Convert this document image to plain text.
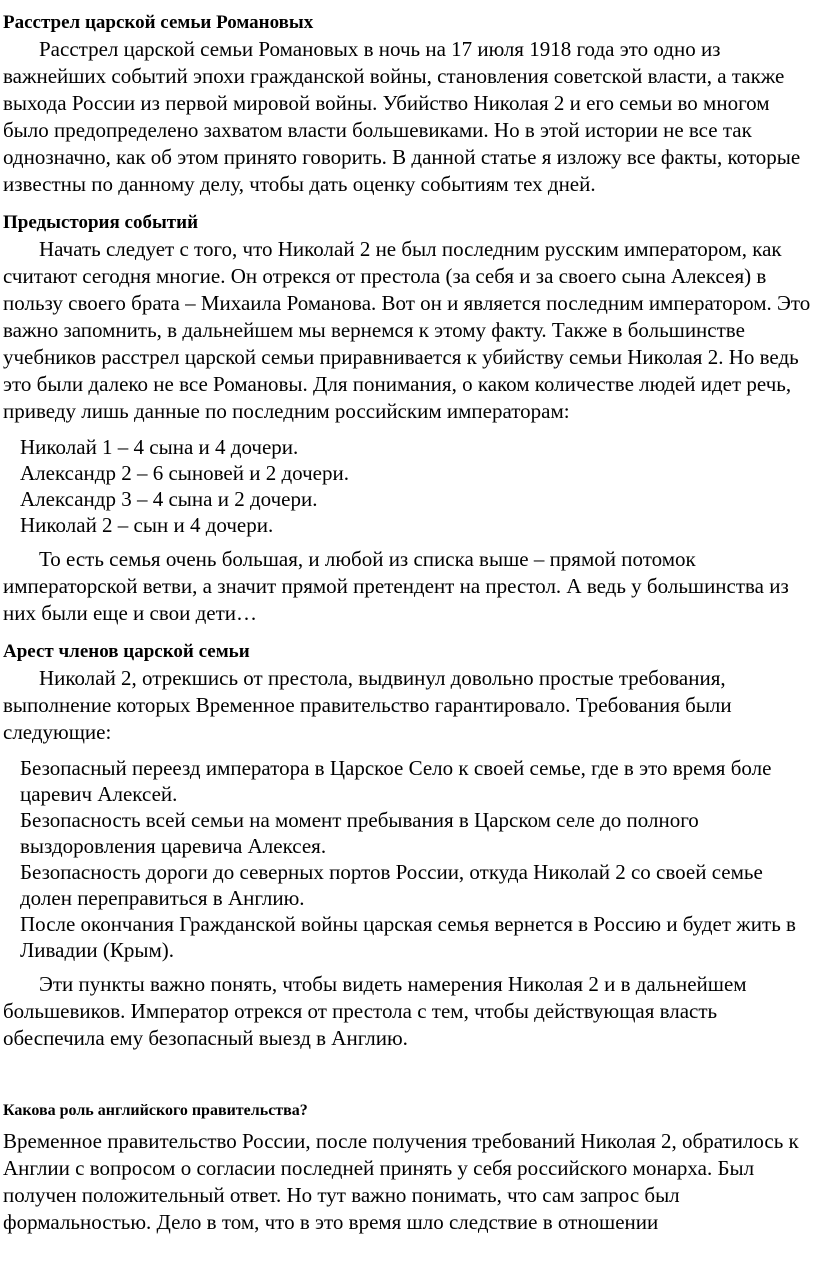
Расстрел царской семьи Романовых

Расстрел царской семьи Романовых в ночь на 17 июля 1918 года это одно из важнейших событий эпохи гражданской войны, становления советской власти, а также выхода России из первой мировой войны. Убийство Николая 2 и его семьи во многом было предопределено захватом власти большевиками. Но в этой истории не все так однозначно, как об этом принято говорить. В данной статье я изложу все факты, которые известны по данному делу, чтобы дать оценку событиям тех дней.

Предыстория событий

Начать следует с того, что Николай 2 не был последним русским императором, как считают сегодня многие. Он отрекся от престола (за себя и за своего сына Алексея) в пользу своего брата – Михаила Романова. Вот он и является последним императором. Это важно запомнить, в дальнейшем мы вернемся к этому факту. Также в большинстве учебников расстрел царской семьи приравнивается к убийству семьи Николая 2. Но ведь это были далеко не все Романовы. Для понимания, о каком количестве людей идет речь, приведу лишь данные по последним российским императорам:

Николай 1 – 4 сына и 4 дочери.
Александр 2 – 6 сыновей и 2 дочери.
Александр 3 – 4 сына и 2 дочери.
Николай 2 – сын и 4 дочери.

То есть семья очень большая, и любой из списка выше – прямой потомок императорской ветви, а значит прямой претендент на престол. А ведь у большинства из них были еще и свои дети…

Арест членов царской семьи

Николай 2, отрекшись от престола, выдвинул довольно простые требования, выполнение которых Временное правительство гарантировало. Требования были следующие:

Безопасный переезд императора в Царское Село к своей семье, где в это время боле царевич Алексей.
Безопасность всей семьи на момент пребывания в Царском селе до полного выздоровления царевича Алексея.
Безопасность дороги до северных портов России, откуда Николай 2 со своей семье долен переправиться в Англию.
После окончания Гражданской войны царская семья вернется в Россию и будет жить в Ливадии (Крым).

Эти пункты важно понять, чтобы видеть намерения Николая 2 и в дальнейшем большевиков. Император отрекся от престола с тем, чтобы действующая власть обеспечила ему безопасный выезд в Англию.

Какова роль английского правительства?

Временное правительство России, после получения требований Николая 2, обратилось к Англии с вопросом о согласии последней принять у себя российского монарха. Был получен положительный ответ. Но тут важно понимать, что сам запрос был формальностью. Дело в том, что в это время шло следствие в отношении
